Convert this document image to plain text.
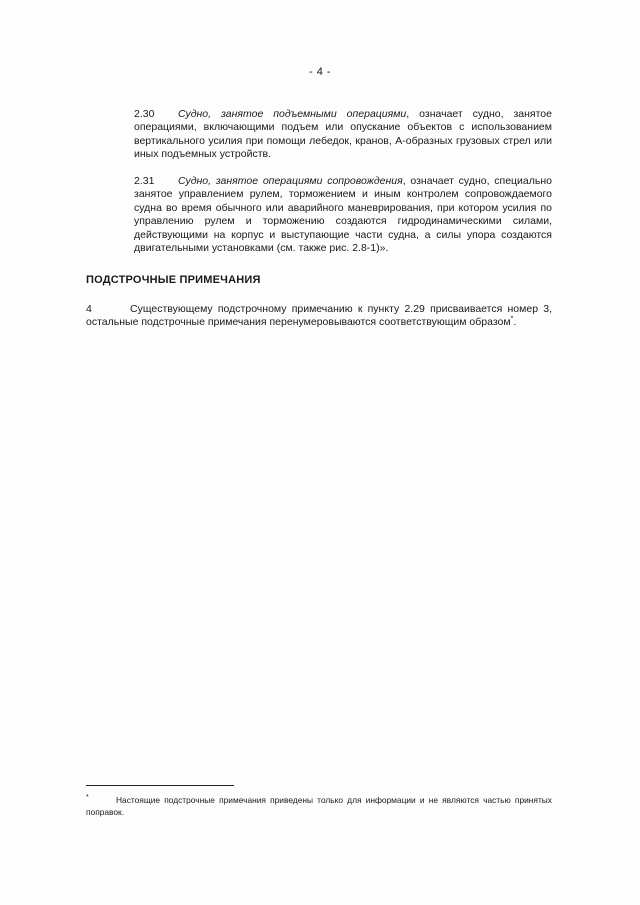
- 4 -
2.30 Судно, занятое подъемными операциями, означает судно, занятое операциями, включающими подъем или опускание объектов с использованием вертикального усилия при помощи лебедок, кранов, А-образных грузовых стрел или иных подъемных устройств.
2.31 Судно, занятое операциями сопровождения, означает судно, специально занятое управлением рулем, торможением и иным контролем сопровождаемого судна во время обычного или аварийного маневрирования, при котором усилия по управлению рулем и торможению создаются гидродинамическими силами, действующими на корпус и выступающие части судна, а силы упора создаются двигательными установками (см. также рис. 2.8-1)».
ПОДСТРОЧНЫЕ ПРИМЕЧАНИЯ
4	Существующему подстрочному примечанию к пункту 2.29 присваивается номер 3, остальные подстрочные примечания перенумеровываются соответствующим образом*.
*	Настоящие подстрочные примечания приведены только для информации и не являются частью принятых поправок.
